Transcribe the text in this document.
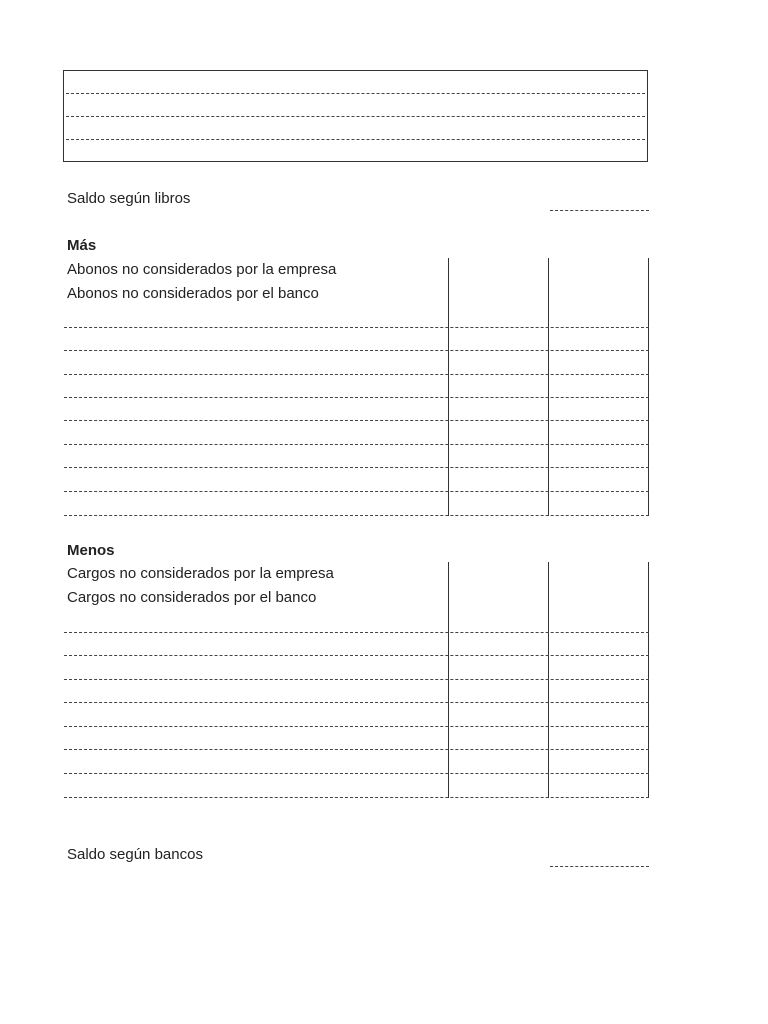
Saldo según libros
Más
Abonos no considerados por la empresa
Abonos no considerados por el banco
Menos
Cargos no considerados por la empresa
Cargos no considerados por el banco
Saldo según bancos
